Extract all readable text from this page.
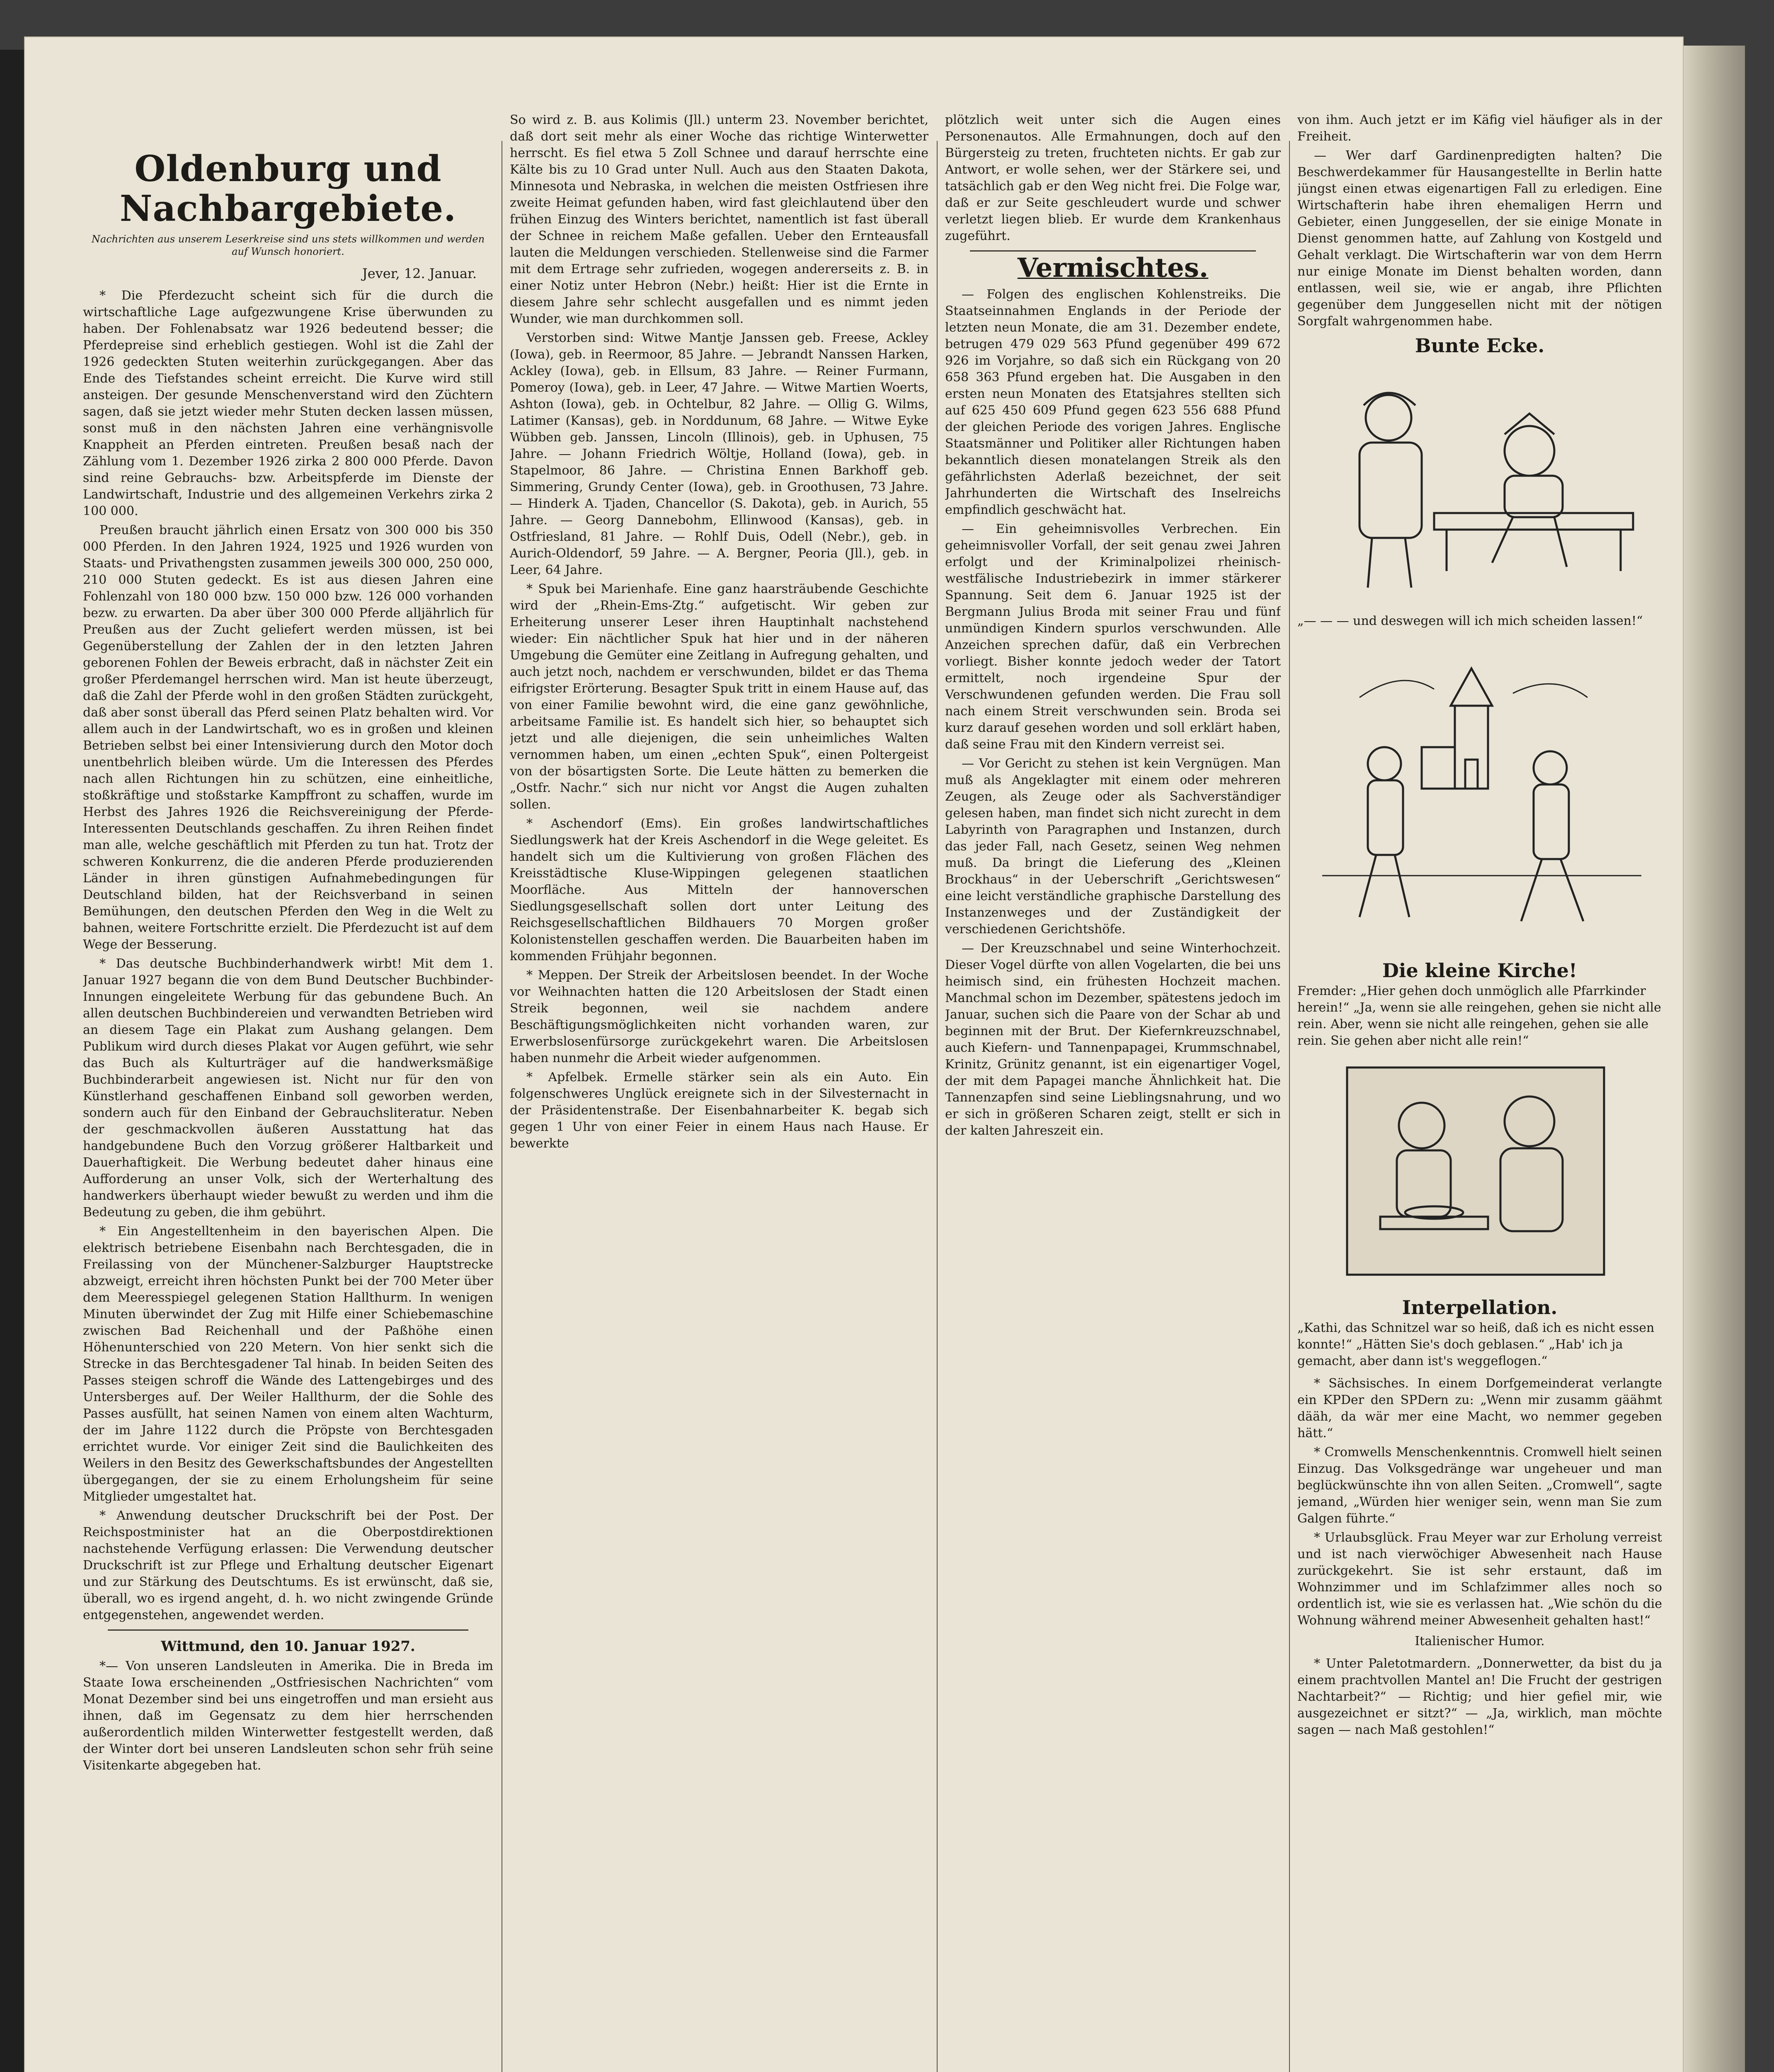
Oldenburg und Nachbargebiete.
Nachrichten aus unserem Leserkreise sind uns stets willkommen und werden auf Wunsch honoriert.
Jever, 12. Januar.

* Die Pferdezucht scheint sich für die durch die wirtschaftliche Lage aufgezwungene Krise überwunden zu haben. Der Fohlenabsatz war 1926 bedeutend besser; die Pferdepreise sind erheblich gestiegen. Wohl ist die Zahl der 1926 gedeckten Stuten weiterhin zurückgegangen. Aber das Ende des Tiefstandes scheint erreicht. Die Kurve wird still ansteigen. Der gesunde Menschenverstand wird den Züchtern sagen, daß sie jetzt wieder mehr Stuten decken lassen müssen, sonst muß in den nächsten Jahren eine verhängnisvolle Knappheit an Pferden eintreten. Preußen besaß nach der Zählung vom 1. Dezember 1926 zirka 2 800 000 Pferde. Davon sind reine Gebrauchs- bzw. Arbeitspferde im Dienste der Landwirtschaft, Industrie und des allgemeinen Verkehrs zirka 2 100 000.

Preußen braucht jährlich einen Ersatz von 300 000 bis 350 000 Pferden. In den Jahren 1924, 1925 und 1926 wurden von Staats- und Privathengsten zusammen jeweils 300 000, 250 000, 210 000 Stuten gedeckt. Es ist aus diesen Jahren eine Fohlenzahl von 180 000 bzw. 150 000 bzw. 126 000 vorhanden bezw. zu erwarten. Da aber über 300 000 Pferde alljährlich für Preußen aus der Zucht geliefert werden müssen, ist bei Gegenüberstellung der Zahlen der in den letzten Jahren geborenen Fohlen der Beweis erbracht, daß in nächster Zeit ein großer Pferdemangel herrschen wird. Man ist heute überzeugt, daß die Zahl der Pferde wohl in den großen Städten zurückgeht, daß aber sonst überall das Pferd seinen Platz behalten wird. Vor allem auch in der Landwirtschaft, wo es in großen und kleinen Betrieben selbst bei einer Intensivierung durch den Motor doch unentbehrlich bleiben würde. Um die Interessen des Pferdes nach allen Richtungen hin zu schützen, eine einheitliche, stoßkräftige und stoßstarke Kampffront zu schaffen, wurde im Herbst des Jahres 1926 die Reichsvereinigung der Pferde-Interessenten Deutschlands geschaffen. Zu ihren Reihen findet man alle, welche geschäftlich mit Pferden zu tun hat. Trotz der schweren Konkurrenz, die die anderen Pferde produzierenden Länder in ihren günstigen Aufnahmebedingungen für Deutschland bilden, hat der Reichsverband in seinen Bemühungen, den deutschen Pferden den Weg in die Welt zu bahnen, weitere Fortschritte erzielt. Die Pferdezucht ist auf dem Wege der Besserung.

* Das deutsche Buchbinderhandwerk wirbt! Mit dem 1. Januar 1927 begann die von dem Bund Deutscher Buchbinder-Innungen eingeleitete Werbung für das gebundene Buch. An allen deutschen Buchbindereien und verwandten Betrieben wird an diesem Tage ein Plakat zum Aushang gelangen. Dem Publikum wird durch dieses Plakat vor Augen geführt, wie sehr das Buch als Kulturträger auf die handwerksmäßige Buchbinderarbeit angewiesen ist. Nicht nur für den von Künstlerhand geschaffenen Einband soll geworben werden, sondern auch für den Einband der Gebrauchsliteratur. Neben der geschmackvollen äußeren Ausstattung hat das handgebundene Buch den Vorzug größerer Haltbarkeit und Dauerhaftigkeit. Die Werbung bedeutet daher hinaus eine Aufforderung an unser Volk, sich der Werterhaltung des handwerkers überhaupt wieder bewußt zu werden und ihm die Bedeutung zu geben, die ihm gebührt.

* Ein Angestelltenheim in den bayerischen Alpen. Die elektrisch betriebene Eisenbahn nach Berchtesgaden, die in Freilassing von der Münchener-Salzburger Hauptstrecke abzweigt, erreicht ihren höchsten Punkt bei der 700 Meter über dem Meeresspiegel gelegenen Station Hallthurm. In wenigen Minuten überwindet der Zug mit Hilfe einer Schiebemaschine zwischen Bad Reichenhall und der Paßhöhe einen Höhenunterschied von 220 Metern. Von hier senkt sich die Strecke in das Berchtesgadener Tal hinab. In beiden Seiten des Passes steigen schroff die Wände des Lattengebirges und des Untersberges auf. Der Weiler Hallthurm, der die Sohle des Passes ausfüllt, hat seinen Namen von einem alten Wachturm, der im Jahre 1122 durch die Pröpste von Berchtesgaden errichtet wurde. Vor einiger Zeit sind die Baulichkeiten des Weilers in den Besitz des Gewerkschaftsbundes der Angestellten übergegangen, der sie zu einem Erholungsheim für seine Mitglieder umgestaltet hat.

* Anwendung deutscher Druckschrift bei der Post. Der Reichspostminister hat an die Oberpostdirektionen nachstehende Verfügung erlassen: Die Verwendung deutscher Druckschrift ist zur Pflege und Erhaltung deutscher Eigenart und zur Stärkung des Deutschtums. Es ist erwünscht, daß sie, überall, wo es irgend angeht, d. h. wo nicht zwingende Gründe entgegenstehen, angewendet werden.

Wittmund, den 10. Januar 1927.

*— Von unseren Landsleuten in Amerika. Die in Breda im Staate Iowa erscheinenden „Ostfriesischen Nachrichten“ vom Monat Dezember sind bei uns eingetroffen und man ersieht aus ihnen, daß im Gegensatz zu dem hier herrschenden außerordentlich milden Winterwetter festgestellt werden, daß der Winter dort bei unseren Landsleuten schon sehr früh seine Visitenkarte abgegeben hat.

So wird z. B. aus Kolimis (Jll.) unterm 23. November berichtet, daß dort seit mehr als einer Woche das richtige Winterwetter herrscht. Es fiel etwa 5 Zoll Schnee und darauf herrschte eine Kälte bis zu 10 Grad unter Null. Auch aus den Staaten Dakota, Minnesota und Nebraska, in welchen die meisten Ostfriesen ihre zweite Heimat gefunden haben, wird fast gleichlautend über den frühen Einzug des Winters berichtet, namentlich ist fast überall der Schnee in reichem Maße gefallen. Ueber den Ernteausfall lauten die Meldungen verschieden. Stellenweise sind die Farmer mit dem Ertrage sehr zufrieden, wogegen andererseits z. B. in einer Notiz unter Hebron (Nebr.) heißt: Hier ist die Ernte in diesem Jahre sehr schlecht ausgefallen und es nimmt jeden Wunder, wie man durchkommen soll.

Verstorben sind: Witwe Mantje Janssen geb. Freese, Ackley (Iowa), geb. in Reermoor, 85 Jahre. — Jebrandt Nanssen Harken, Ackley (Iowa), geb. in Ellsum, 83 Jahre. — Reiner Furmann, Pomeroy (Iowa), geb. in Leer, 47 Jahre. — Witwe Martien Woerts, Ashton (Iowa), geb. in Ochtelbur, 82 Jahre. — Ollig G. Wilms, Latimer (Kansas), geb. in Norddunum, 68 Jahre. — Witwe Eyke Wübben geb. Janssen, Lincoln (Illinois), geb. in Uphusen, 75 Jahre. — Johann Friedrich Wöltje, Holland (Iowa), geb. in Stapelmoor, 86 Jahre. — Christina Ennen Barkhoff geb. Simmering, Grundy Center (Iowa), geb. in Groothusen, 73 Jahre. — Hinderk A. Tjaden, Chancellor (S. Dakota), geb. in Aurich, 55 Jahre. — Georg Dannebohm, Ellinwood (Kansas), geb. in Ostfriesland, 81 Jahre. — Rohlf Duis, Odell (Nebr.), geb. in Aurich-Oldendorf, 59 Jahre. — A. Bergner, Peoria (Jll.), geb. in Leer, 64 Jahre.

* Spuk bei Marienhafe. Eine ganz haarsträubende Geschichte wird der „Rhein-Ems-Ztg.“ aufgetischt. Wir geben zur Erheiterung unserer Leser ihren Hauptinhalt nachstehend wieder: Ein nächtlicher Spuk hat hier und in der näheren Umgebung die Gemüter eine Zeitlang in Aufregung gehalten, und auch jetzt noch, nachdem er verschwunden, bildet er das Thema eifrigster Erörterung. Besagter Spuk tritt in einem Hause auf, das von einer Familie bewohnt wird, die eine ganz gewöhnliche, arbeitsame Familie ist. Es handelt sich hier, so behauptet sich jetzt und alle diejenigen, die sein unheimliches Walten vernommen haben, um einen „echten Spuk“, einen Poltergeist von der bösartigsten Sorte. Die Leute hätten zu bemerken die „Ostfr. Nachr.“ sich nur nicht vor Angst die Augen zuhalten sollen.

* Aschendorf (Ems). Ein großes landwirtschaftliches Siedlungswerk hat der Kreis Aschendorf in die Wege geleitet. Es handelt sich um die Kultivierung von großen Flächen des Kreisstädtische Kluse-Wippingen gelegenen staatlichen Moorfläche. Aus Mitteln der hannoverschen Siedlungsgesellschaft sollen dort unter Leitung des Reichsgesellschaftlichen Bildhauers 70 Morgen großer Kolonistenstellen geschaffen werden. Die Bauarbeiten haben im kommenden Frühjahr begonnen.

* Meppen. Der Streik der Arbeitslosen beendet. In der Woche vor Weihnachten hatten die 120 Arbeitslosen der Stadt einen Streik begonnen, weil sie nachdem andere Beschäftigungsmöglichkeiten nicht vorhanden waren, zur Erwerbslosenfürsorge zurückgekehrt waren. Die Arbeitslosen haben nunmehr die Arbeit wieder aufgenommen.

* Apfelbek. Ermelle stärker sein als ein Auto. Ein folgenschweres Unglück ereignete sich in der Silvesternacht in der Präsidentenstraße. Der Eisenbahnarbeiter K. begab sich gegen 1 Uhr von einer Feier in einem Haus nach Hause. Er bewerkte

plötzlich weit unter sich die Augen eines Personenautos. Alle Ermahnungen, doch auf den Bürgersteig zu treten, fruchteten nichts. Er gab zur Antwort, er wolle sehen, wer der Stärkere sei, und tatsächlich gab er den Weg nicht frei. Die Folge war, daß er zur Seite geschleudert wurde und schwer verletzt liegen blieb. Er wurde dem Krankenhaus zugeführt.

Vermischtes.

— Folgen des englischen Kohlenstreiks. Die Staatseinnahmen Englands in der Periode der letzten neun Monate, die am 31. Dezember endete, betrugen 479 029 563 Pfund gegenüber 499 672 926 im Vorjahre, so daß sich ein Rückgang von 20 658 363 Pfund ergeben hat. Die Ausgaben in den ersten neun Monaten des Etatsjahres stellten sich auf 625 450 609 Pfund gegen 623 556 688 Pfund der gleichen Periode des vorigen Jahres. Englische Staatsmänner und Politiker aller Richtungen haben bekanntlich diesen monatelangen Streik als den gefährlichsten Aderlaß bezeichnet, der seit Jahrhunderten die Wirtschaft des Inselreichs empfindlich geschwächt hat.

— Ein geheimnisvolles Verbrechen. Ein geheimnisvoller Vorfall, der seit genau zwei Jahren erfolgt und der Kriminalpolizei rheinisch-westfälische Industriebezirk in immer stärkerer Spannung. Seit dem 6. Januar 1925 ist der Bergmann Julius Broda mit seiner Frau und fünf unmündigen Kindern spurlos verschwunden. Alle Anzeichen sprechen dafür, daß ein Verbrechen vorliegt. Bisher konnte jedoch weder der Tatort ermittelt, noch irgendeine Spur der Verschwundenen gefunden werden. Die Frau soll nach einem Streit verschwunden sein. Broda sei kurz darauf gesehen worden und soll erklärt haben, daß seine Frau mit den Kindern verreist sei.

— Vor Gericht zu stehen ist kein Vergnügen. Man muß als Angeklagter mit einem oder mehreren Zeugen, als Zeuge oder als Sachverständiger gelesen haben, man findet sich nicht zurecht in dem Labyrinth von Paragraphen und Instanzen, durch das jeder Fall, nach Gesetz, seinen Weg nehmen muß. Da bringt die Lieferung des „Kleinen Brockhaus“ in der Ueberschrift „Gerichtswesen“ eine leicht verständliche graphische Darstellung des Instanzenweges und der Zuständigkeit der verschiedenen Gerichtshöfe.

— Der Kreuzschnabel und seine Winterhochzeit. Dieser Vogel dürfte von allen Vogelarten, die bei uns heimisch sind, ein frühesten Hochzeit machen. Manchmal schon im Dezember, spätestens jedoch im Januar, suchen sich die Paare von der Schar ab und beginnen mit der Brut. Der Kiefernkreuzschnabel, auch Kiefern- und Tannenpapagei, Krummschnabel, Krinitz, Grünitz genannt, ist ein eigenartiger Vogel, der mit dem Papagei manche Ähnlichkeit hat. Die Tannenzapfen sind seine Lieblingsnahrung, und wo er sich in größeren Scharen zeigt, stellt er sich in der kalten Jahreszeit ein.

von ihm. Auch jetzt er im Käfig viel häufiger als in der Freiheit.

— Wer darf Gardinenpredigten halten? Die Beschwerdekammer für Hausangestellte in Berlin hatte jüngst einen etwas eigenartigen Fall zu erledigen. Eine Wirtschafterin habe ihren ehemaligen Herrn und Gebieter, einen Junggesellen, der sie einige Monate in Dienst genommen hatte, auf Zahlung von Kostgeld und Gehalt verklagt. Die Wirtschafterin war von dem Herrn nur einige Monate im Dienst behalten worden, dann entlassen, weil sie, wie er angab, ihre Pflichten gegenüber dem Junggesellen nicht mit der nötigen Sorgfalt wahrgenommen habe.

Bunte Ecke.
„— — — und deswegen will ich mich scheiden lassen!“
Die kleine Kirche!
Fremder: „Hier gehen doch unmöglich alle Pfarrkinder herein!“ „Ja, wenn sie alle reingehen, gehen sie nicht alle rein. Aber, wenn sie nicht alle reingehen, gehen sie alle rein. Sie gehen aber nicht alle rein!“
Interpellation.
„Kathi, das Schnitzel war so heiß, daß ich es nicht essen konnte!“ „Hätten Sie's doch geblasen.“ „Hab' ich ja gemacht, aber dann ist's weggeflogen.“

* Sächsisches. In einem Dorfgemeinderat verlangte ein KPDer den SPDern zu: „Wenn mir zusamm gäähmt dääh, da wär mer eine Macht, wo nemmer gegeben hätt.“

* Cromwells Menschenkenntnis. Cromwell hielt seinen Einzug. Das Volksgedränge war ungeheuer und man beglückwünschte ihn von allen Seiten. „Cromwell“, sagte jemand, „Würden hier weniger sein, wenn man Sie zum Galgen führte.“

* Urlaubsglück. Frau Meyer war zur Erholung verreist und ist nach vierwöchiger Abwesenheit nach Hause zurückgekehrt. Sie ist sehr erstaunt, daß im Wohnzimmer und im Schlafzimmer alles noch so ordentlich ist, wie sie es verlassen hat. „Wie schön du die Wohnung während meiner Abwesenheit gehalten hast!“

Italienischer Humor.

* Unter Paletotmardern. „Donnerwetter, da bist du ja einem prachtvollen Mantel an! Die Frucht der gestrigen Nachtarbeit?“ — Richtig; und hier gefiel mir, wie ausgezeichnet er sitzt?“ — „Ja, wirklich, man möchte sagen — nach Maß gestohlen!“
